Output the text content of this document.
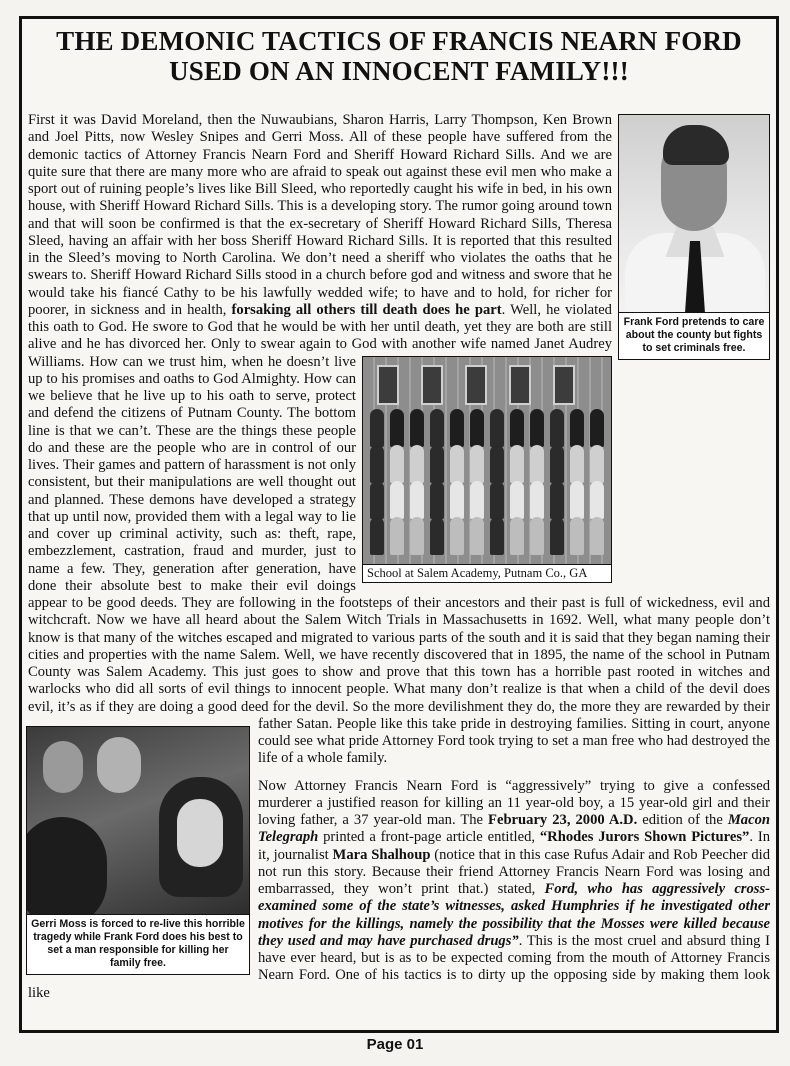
THE DEMONIC TACTICS OF FRANCIS NEARN FORD
USED ON AN INNOCENT FAMILY!!!
Frank Ford pretends to care about the county but fights to set criminals free.

First it was David Moreland, then the Nuwaubians, Sharon Harris, Larry Thompson, Ken Brown and Joel Pitts, now Wesley Snipes and Gerri Moss. All of these people have suffered from the demonic tactics of Attorney Francis Nearn Ford and Sheriff Howard Richard Sills. And we are quite sure that there are many more who are afraid to speak out against these evil men who make a sport out of ruining people’s lives like Bill Sleed, who reportedly caught his wife in bed, in his own house, with Sheriff Howard Richard Sills. This is a developing story. The rumor going around town and that will soon be confirmed is that the ex-secretary of Sheriff Howard Richard Sills, Theresa Sleed, having an affair with her boss Sheriff Howard Richard Sills. It is reported that this resulted in the Sleed’s moving to North Carolina. We don’t need a sheriff who violates the oaths that he swears to. Sheriff Howard Richard Sills stood in a church before god and witness and swore that he would take his fiancé Cathy to be his lawfully wedded wife; to have and to hold, for richer for poorer, in sickness and in health, forsaking all others till death does he part. Well, he violated this oath to God. He swore to God that he would be with her until death, yet they are both are still alive and he has divorced her. Only to swear again to God with another wife named Janet Audrey Williams.
School at Salem Academy, Putnam Co., GA
How can we trust him, when he doesn’t live up to his promises and oaths to God Almighty. How can we believe that he live up to his oath to serve, protect and defend the citizens of Putnam County. The bottom line is that we can’t. These are the things these people do and these are the people who are in control of our lives. Their games and pattern of harassment is not only consistent, but their manipulations are well thought out and planned. These demons have developed a strategy that up until now, provided them with a legal way to lie and cover up criminal activity, such as: theft, rape, embezzlement, castration, fraud and murder, just to name a few. They, generation after generation, have done their absolute best to make their evil doings appear to be good deeds. They are following in the footsteps of their ancestors and their past is full of wickedness, evil and witchcraft. Now we have all heard about the Salem Witch Trials in Massachusetts in 1692. Well, what many people don’t know is that many of the witches escaped and migrated to various parts of the south and it is said that they began naming their cities and properties with the name Salem. Well, we have recently discovered that in 1895, the name of the school in Putnam County was Salem Academy. This just goes to show and prove that this town has a horrible past rooted in witches and warlocks who did all sorts of evil things to innocent people. What many don’t realize is that when a child of the devil does evil, it’s as if they are doing a good deed for the devil. So the more devilishment they do, the more they are rewarded by their father Satan. People like this take pride in destroying families.
Gerri Moss is forced to re-live this horrible tragedy while Frank Ford does his best to set a man responsible for killing her family free.
Sitting in court, anyone could see what pride Attorney Ford took trying to set a man free who had destroyed the life of a whole family.

Now Attorney Francis Nearn Ford is “aggressively” trying to give a confessed murderer a justified reason for killing an 11 year-old boy, a 15 year-old girl and their loving father, a 37 year-old man. The February 23, 2000 A.D. edition of the Macon Telegraph printed a front-page article entitled, “Rhodes Jurors Shown Pictures”. In it, journalist Mara Shalhoup (notice that in this case Rufus Adair and Rob Peecher did not run this story. Because their friend Attorney Francis Nearn Ford was losing and embarrassed, they won’t print that.) stated, Ford, who has aggressively cross-examined some of the state’s witnesses, asked Humphries if he investigated other motives for the killings, namely the possibility that the Mosses were killed because they used and may have purchased drugs”. This is the most cruel and absurd thing I have ever heard, but is as to be expected coming from the mouth of Attorney Francis Nearn Ford. One of his tactics is to dirty up the opposing side by making them look like

Page 01
